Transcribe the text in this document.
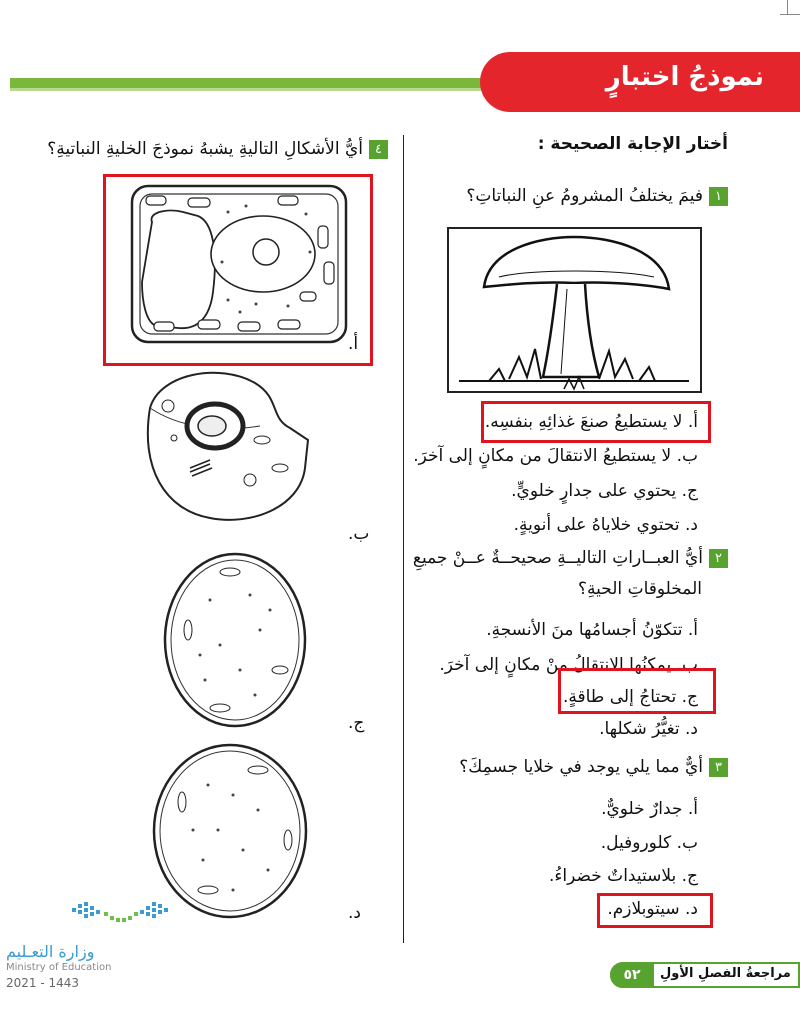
نموذجُ اختبارٍ
أختار الإجابة الصحيحة :
١فيمَ يختلفُ المشرومُ عنِ النباتاتِ؟
أ. لا يستطيعُ صنعَ غذائِهِ بنفسِه.
ب. لا يستطيعُ الانتقالَ من مكانٍ إلى آخرَ.
ج. يحتوي على جدارٍ خلويٍّ.
د. تحتوي خلاياهُ على أنويةٍ.
٢أيُّ العبــاراتِ التاليــةِ صحيحــةٌ عــنْ جميعِ
المخلوقاتِ الحيةِ؟
أ. تتكوّنُ أجسامُها منَ الأنسجةِ.
ب. يمكنُها الانتقالُ منْ مكانٍ إلى آخرَ.
ج. تحتاجُ إلى طاقةٍ.
د. تغيُّرُ شكلها.
٣أيٌّ مما يلي يوجد في خلايا جسمِكَ؟
أ. جدارٌ خلويٌّ.
ب. كلوروفيل.
ج. بلاستيداتٌ خضراءُ.
د. سيتوبلازم.
٤أيُّ الأشكالِ التاليةِ يشبهُ نموذجَ الخليةِ النباتيةِ؟
أ.
ب.
ج.
د.
وزارة التعـليم
Ministry of Education
2021 - 1443	٥٢	مراجعةُ الفصلِ الأولِ
